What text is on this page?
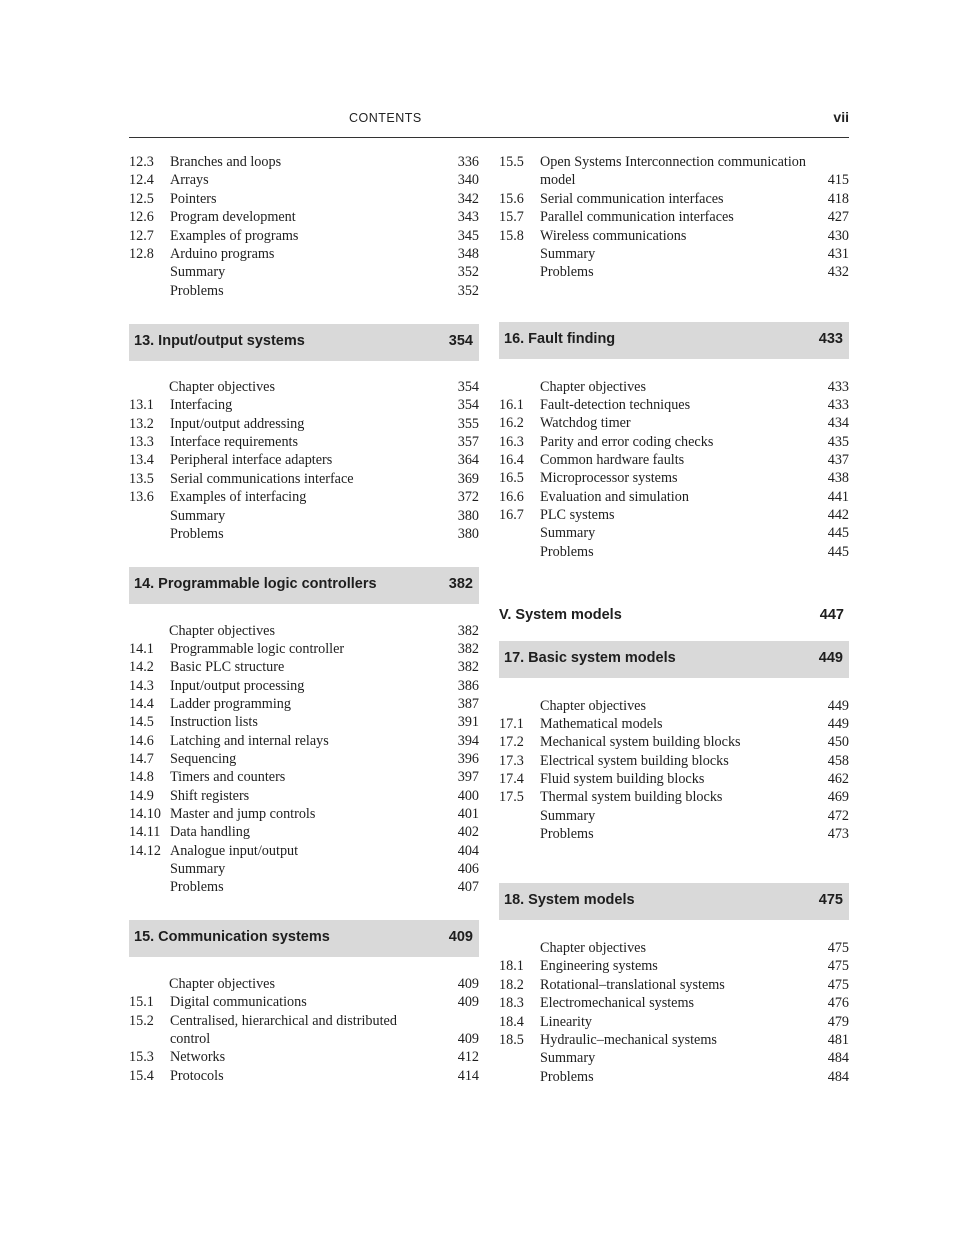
CONTENTS	vii
12.3 Branches and loops	336
12.4 Arrays	340
12.5 Pointers	342
12.6 Program development	343
12.7 Examples of programs	345
12.8 Arduino programs	348
Summary	352
Problems	352
13. Input/output systems	354
Chapter objectives	354
13.1 Interfacing	354
13.2 Input/output addressing	355
13.3 Interface requirements	357
13.4 Peripheral interface adapters	364
13.5 Serial communications interface	369
13.6 Examples of interfacing	372
Summary	380
Problems	380
14. Programmable logic controllers	382
Chapter objectives	382
14.1 Programmable logic controller	382
14.2 Basic PLC structure	382
14.3 Input/output processing	386
14.4 Ladder programming	387
14.5 Instruction lists	391
14.6 Latching and internal relays	394
14.7 Sequencing	396
14.8 Timers and counters	397
14.9 Shift registers	400
14.10 Master and jump controls	401
14.11 Data handling	402
14.12 Analogue input/output	404
Summary	406
Problems	407
15. Communication systems	409
Chapter objectives	409
15.1 Digital communications	409
15.2 Centralised, hierarchical and distributed
control	409
15.3 Networks	412
15.4 Protocols	414
15.5 Open Systems Interconnection communication
model	415
15.6 Serial communication interfaces	418
15.7 Parallel communication interfaces	427
15.8 Wireless communications	430
Summary	431
Problems	432
16. Fault finding	433
Chapter objectives	433
16.1 Fault-detection techniques	433
16.2 Watchdog timer	434
16.3 Parity and error coding checks	435
16.4 Common hardware faults	437
16.5 Microprocessor systems	438
16.6 Evaluation and simulation	441
16.7 PLC systems	442
Summary	445
Problems	445
V. System models	447
17. Basic system models	449
Chapter objectives	449
17.1 Mathematical models	449
17.2 Mechanical system building blocks	450
17.3 Electrical system building blocks	458
17.4 Fluid system building blocks	462
17.5 Thermal system building blocks	469
Summary	472
Problems	473
18. System models	475
Chapter objectives	475
18.1 Engineering systems	475
18.2 Rotational–translational systems	475
18.3 Electromechanical systems	476
18.4 Linearity	479
18.5 Hydraulic–mechanical systems	481
Summary	484
Problems	484
